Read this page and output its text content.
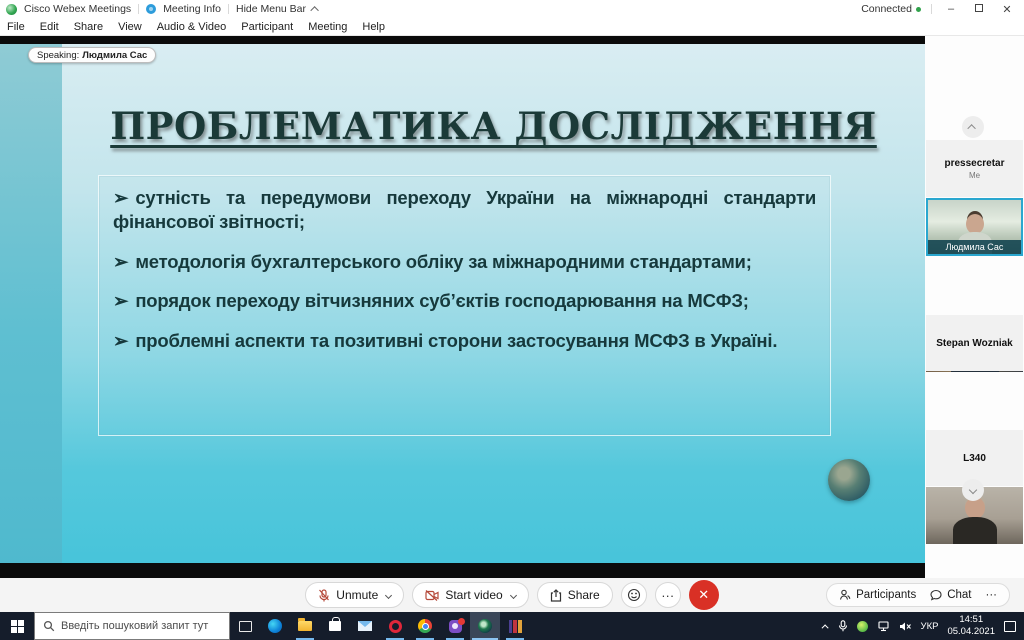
Cisco Webex Meetings	Meeting Info Hide Menu Bar	Connected	–	✕
File Edit Share View Audio & Video Participant Meeting Help
ПРОБЛЕМАТИКА ДОСЛІДЖЕННЯ

➢ сутність та передумови переходу України на міжнародні стандарти фінансової звітності;

➢ методологія бухгалтерського обліку за міжнародними стандартами;

➢ порядок переходу вітчизняних суб’єктів господарювання на МСФЗ;

➢ проблемні аспекти та позитивні сторони застосування МСФЗ в Україні.

Speaking: Людмила Сас
pressecretar
Me
Людмила Сас
Stepan Wozniak
L340
Unmute	Start video	Share	···	✕	Participants	Chat ···
Введіть пошуковий запит тут	УКР
14:51
05.04.2021
